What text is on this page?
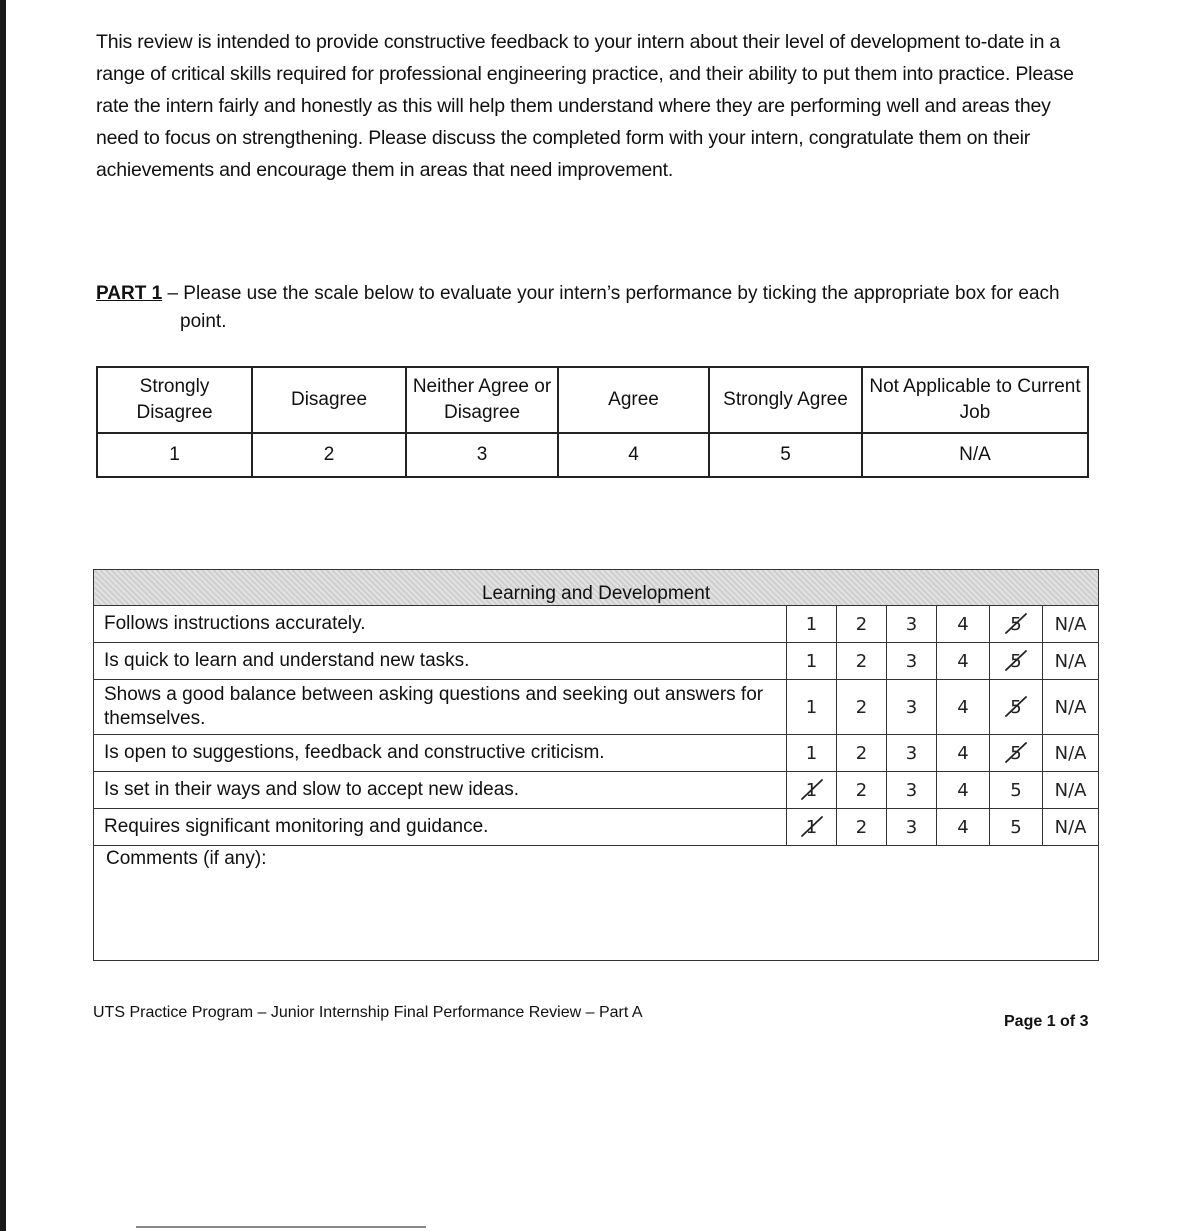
This review is intended to provide constructive feedback to your intern about their level of development to-date in a range of critical skills required for professional engineering practice, and their ability to put them into practice. Please rate the intern fairly and honestly as this will help them understand where they are performing well and areas they need to focus on strengthening. Please discuss the completed form with your intern, congratulate them on their achievements and encourage them in areas that need improvement.

PART 1 – Please use the scale below to evaluate your intern’s performance by ticking the appropriate box for each
point.
Strongly Disagree	Disagree	Neither Agree or Disagree	Agree	Strongly Agree	Not Applicable to Current Job
1	2	3	4	5	N/A
Learning and Development						
Follows instructions accurately.	1	2	3	4	5	N/A
Is quick to learn and understand new tasks.	1	2	3	4	5	N/A
Shows a good balance between asking questions and seeking out answers for themselves.	1	2	3	4	5	N/A
Is open to suggestions, feedback and constructive criticism.	1	2	3	4	5	N/A
Is set in their ways and slow to accept new ideas.	1	2	3	4	5	N/A
Requires significant monitoring and guidance.	1	2	3	4	5	N/A
Comments (if any):						
UTS Practice Program – Junior Internship Final Performance Review – Part A
Page 1 of 3
